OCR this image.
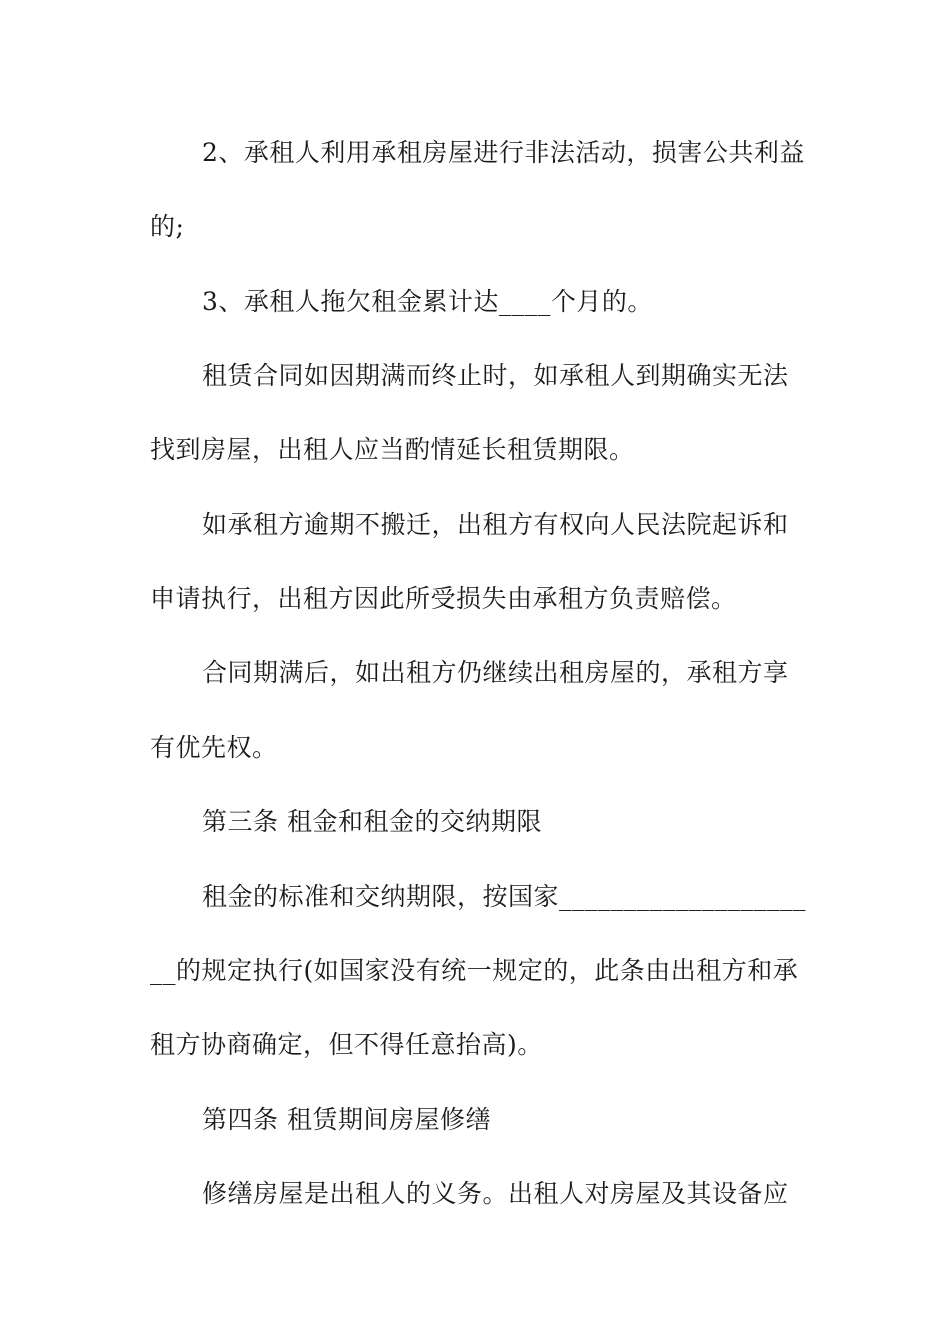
2、承租人利用承租房屋进行非法活动，损害公共利益
的;
3、承租人拖欠租金累计达____个月的。
租赁合同如因期满而终止时，如承租人到期确实无法
找到房屋，出租人应当酌情延长租赁期限。
如承租方逾期不搬迁，出租方有权向人民法院起诉和
申请执行，出租方因此所受损失由承租方负责赔偿。
合同期满后，如出租方仍继续出租房屋的，承租方享
有优先权。
第三条 租金和租金的交纳期限
租金的标准和交纳期限，按国家___________________
__的规定执行(如国家没有统一规定的，此条由出租方和承
租方协商确定，但不得任意抬高)。
第四条 租赁期间房屋修缮
修缮房屋是出租人的义务。出租人对房屋及其设备应
